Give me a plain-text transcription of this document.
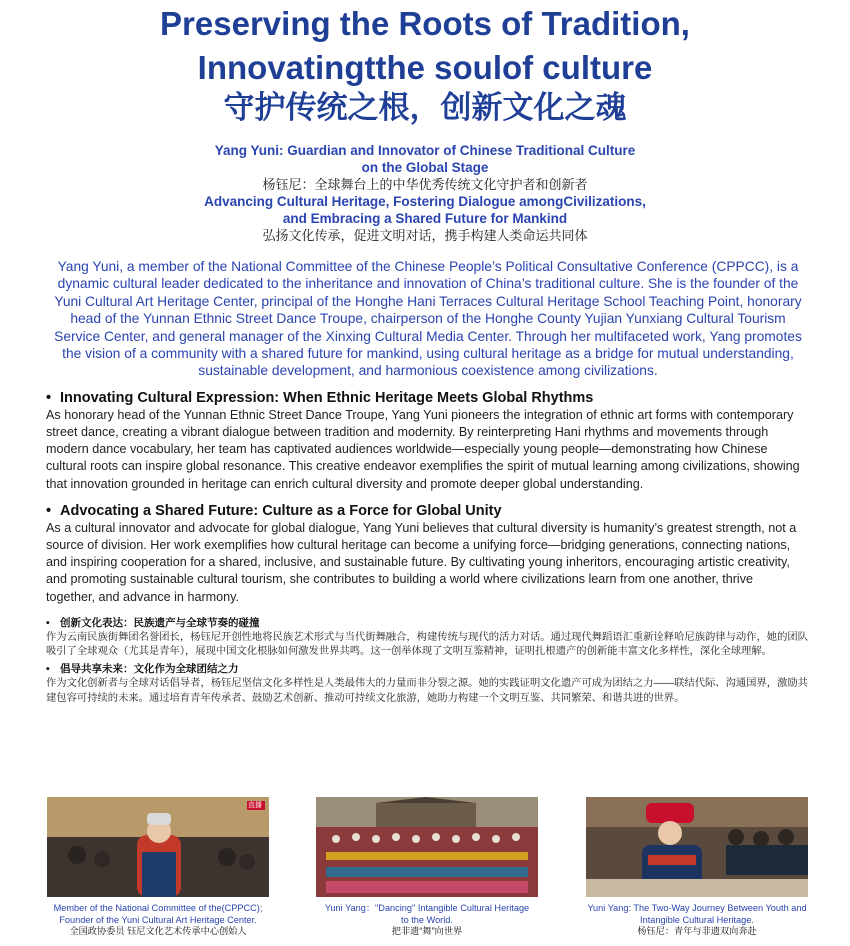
Preserving the Roots of Tradition,
Innovatingtthe soulof culture
守护传统之根，创新文化之魂
Yang Yuni: Guardian and Innovator of Chinese Traditional Culture
on the Global Stage
杨钰尼：全球舞台上的中华优秀传统文化守护者和创新者
Advancing Cultural Heritage, Fostering Dialogue amongCivilizations,
and Embracing a Shared Future for Mankind
弘扬文化传承，促进文明对话，携手构建人类命运共同体
Yang Yuni, a member of the National Committee of the Chinese People’s Political Consultative Conference (CPPCC), is a dynamic cultural leader dedicated to the inheritance and innovation of China’s traditional culture. She is the founder of the Yuni Cultural Art Heritage Center, principal of the Honghe Hani Terraces Cultural Heritage School Teaching Point, honorary head of the Yunnan Ethnic Street Dance Troupe, chairperson of the Honghe County Yujian Yunxiang Cultural Tourism Service Center, and general manager of the Xinxing Cultural Media Center. Through her multifaceted work, Yang promotes the vision of a community with a shared future for mankind, using cultural heritage as a bridge for mutual understanding, sustainable development, and harmonious coexistence among civilizations.
• Innovating Cultural Expression: When Ethnic Heritage Meets Global Rhythms
As honorary head of the Yunnan Ethnic Street Dance Troupe, Yang Yuni pioneers the integration of ethnic art forms with contemporary street dance, creating a vibrant dialogue between tradition and modernity. By reinterpreting Hani rhythms and movements through modern dance vocabulary, her team has captivated audiences worldwide—especially young people—demonstrating how Chinese cultural roots can inspire global resonance. This creative endeavor exemplifies the spirit of mutual learning among civilizations, showing that innovation grounded in heritage can enrich cultural diversity and promote deeper global understanding.
• Advocating a Shared Future: Culture as a Force for Global Unity
As a cultural innovator and advocate for global dialogue, Yang Yuni believes that cultural diversity is humanity’s greatest strength, not a source of division. Her work exemplifies how cultural heritage can become a unifying force—bridging generations, connecting nations, and inspiring cooperation for a shared, inclusive, and sustainable future. By cultivating young inheritors, encouraging artistic creativity, and promoting sustainable cultural tourism, she contributes to building a world where civilizations learn from one another, thrive together, and advance in harmony.
• 创新文化表达：民族遗产与全球节奏的碰撞
作为云南民族街舞团名誉团长，杨钰尼开创性地将民族艺术形式与当代街舞融合，构建传统与现代的活力对话。通过现代舞蹈语汇重新诠释哈尼族韵律与动作，她的团队吸引了全球观众（尤其是青年），展现中国文化根脉如何激发世界共鸣。这一创举体现了文明互鉴精神，证明扎根遗产的创新能丰富文化多样性，深化全球理解。
• 倡导共享未来：文化作为全球团结之力
作为文化创新者与全球对话倡导者，杨钰尼坚信文化多样性是人类最伟大的力量而非分裂之源。她的实践证明文化遗产可成为团结之力——联结代际、沟通国界，激励共建包容可持续的未来。通过培育青年传承者、鼓励艺术创新、推动可持续文化旅游，她助力构建一个文明互鉴、共同繁荣、和谐共进的世界。
直播
Member of the National Committee of the(CPPCC);
Founder of the Yuni Cultural Art Heritage Center.
全国政协委员 钰尼文化艺术传承中心创始人
Yuni Yang："Dancing" Intangible Cultural Heritage
to the World.
把非遗“舞”向世界
Yuni Yang: The Two-Way Journey Between Youth and
Intangible Cultural Heritage.
杨钰尼：青年与非遗双向奔赴
